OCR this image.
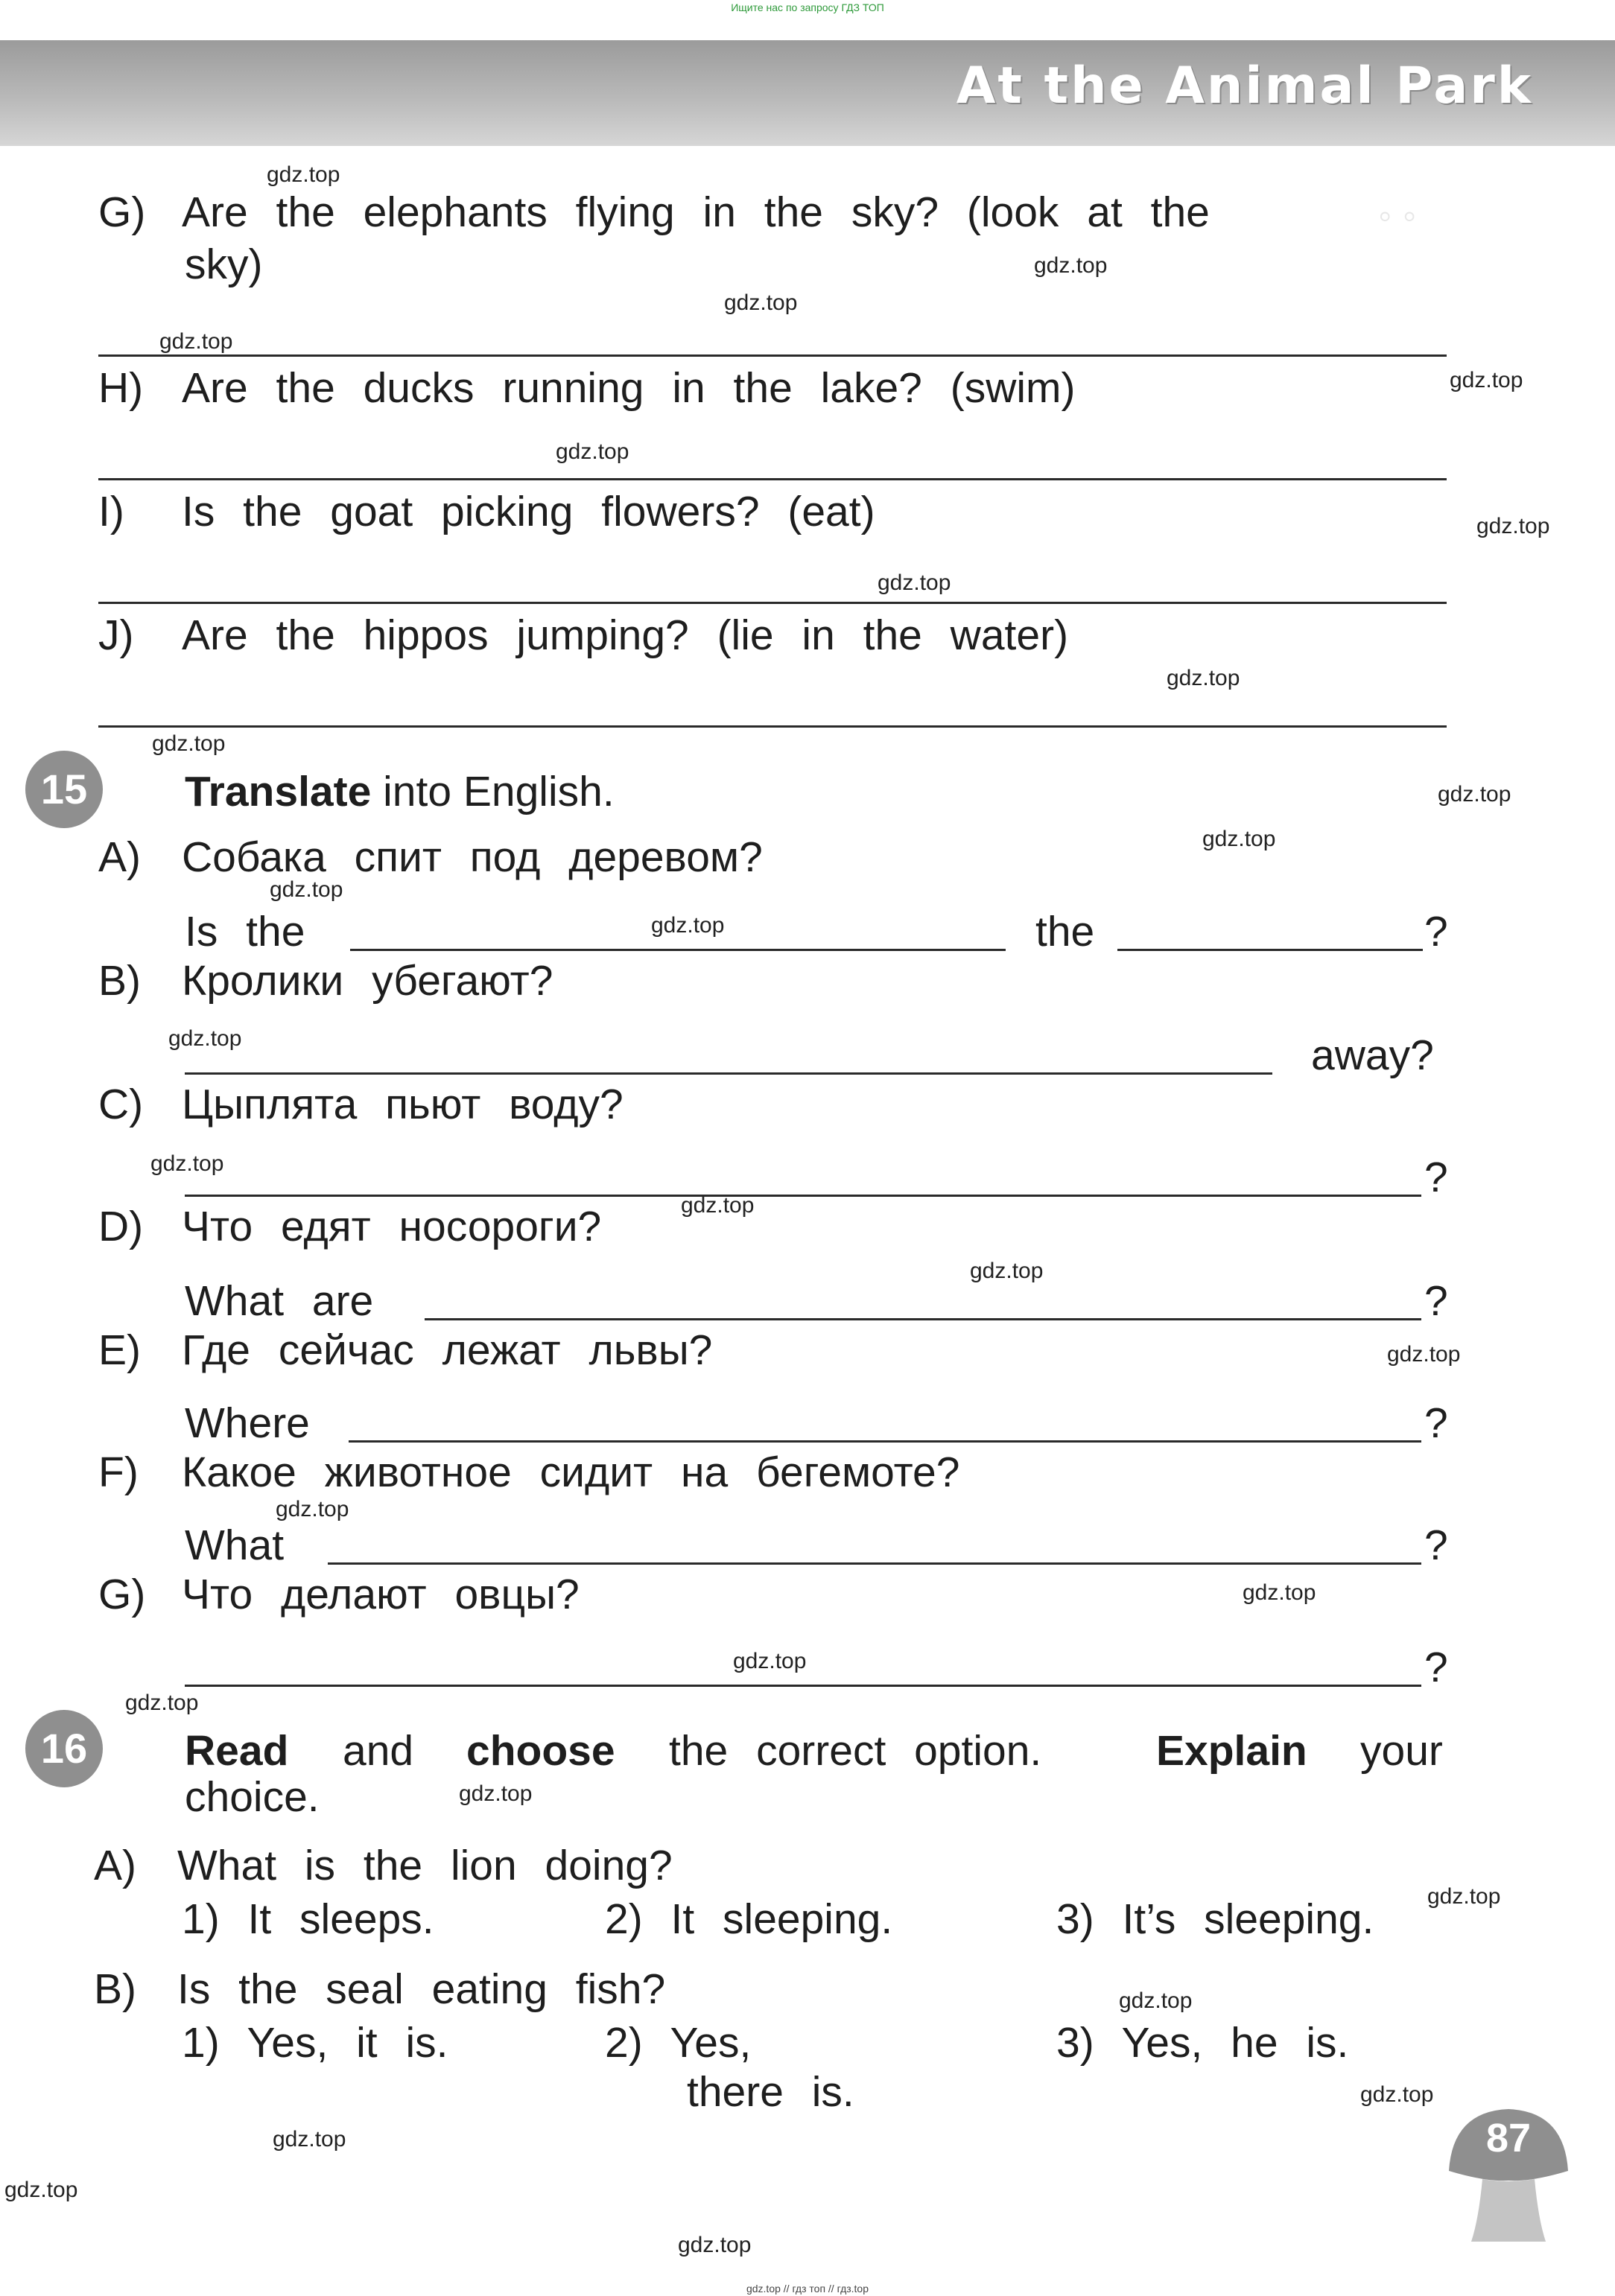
Ищите нас по запросу ГДЗ ТОП
At the Animal Park
◦ ◦
G) Are the elephants flying in the sky? (look at the
sky)
H) Are the ducks running in the lake? (swim)
I) Is the goat picking flowers? (eat)
J) Are the hippos jumping? (lie in the water)
15	Translate into English.
A) Собака спит под деревом?
Is the	the	?
B) Кролики убегают?
away?
C) Цыплята пьют воду?
?
D) Что едят носороги?
What are	?
E) Где сейчас лежат львы?
Where	?
F) Какое животное сидит на бегемоте?
What	?
G) Что делают овцы?
?
16	Read and choose the correct option.	Explain your
choice.
A) What is the lion doing?
1) It sleeps.	2) It sleeping.	3) It’s sleeping.
B) Is the seal eating fish?
1) Yes, it is.	2) Yes,
there is.
3) Yes, he is.
87
gdz.top
gdz.top
gdz.top
gdz.top
gdz.top
gdz.top
gdz.top
gdz.top
gdz.top
gdz.top
gdz.top
gdz.top
gdz.top
gdz.top
gdz.top
gdz.top
gdz.top
gdz.top
gdz.top
gdz.top
gdz.top
gdz.top
gdz.top
gdz.top
gdz.top
gdz.top
gdz.top
gdz.top
gdz.top
gdz.top
gdz.top // гдз топ // гдз.top
